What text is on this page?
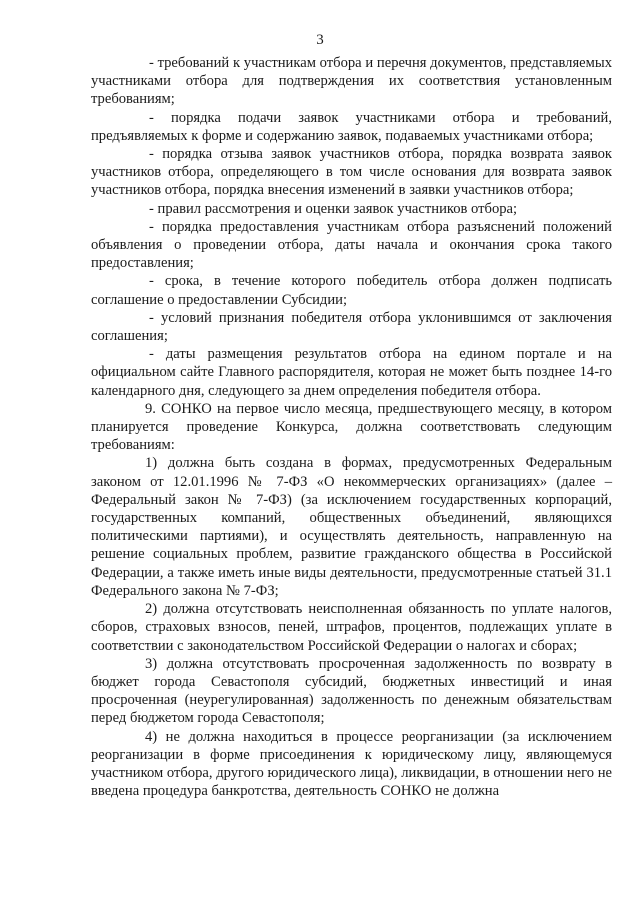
3

- требований к участникам отбора и перечня документов, представляемых участниками отбора для подтверждения их соответствия установленным требованиям;

- порядка подачи заявок участниками отбора и требований, предъявляемых к форме и содержанию заявок, подаваемых участниками отбора;

- порядка отзыва заявок участников отбора, порядка возврата заявок участников отбора, определяющего в том числе основания для возврата заявок участников отбора, порядка внесения изменений в заявки участников отбора;

- правил рассмотрения и оценки заявок участников отбора;

- порядка предоставления участникам отбора разъяснений положений объявления о проведении отбора, даты начала и окончания срока такого предоставления;

- срока, в течение которого победитель отбора должен подписать соглашение о предоставлении Субсидии;

- условий признания победителя отбора уклонившимся от заключения соглашения;

- даты размещения результатов отбора на едином портале и на официальном сайте Главного распорядителя, которая не может быть позднее 14-го календарного дня, следующего за днем определения победителя отбора.

9. СОНКО на первое число месяца, предшествующего месяцу, в котором планируется проведение Конкурса, должна соответствовать следующим требованиям:

1) должна быть создана в формах, предусмотренных Федеральным законом от 12.01.1996 № 7-ФЗ «О некоммерческих организациях» (далее – Федеральный закон № 7-ФЗ) (за исключением государственных корпораций, государственных компаний, общественных объединений, являющихся политическими партиями), и осуществлять деятельность, направленную на решение социальных проблем, развитие гражданского общества в Российской Федерации, а также иметь иные виды деятельности, предусмотренные статьей 31.1 Федерального закона № 7-ФЗ;

2) должна отсутствовать неисполненная обязанность по уплате налогов, сборов, страховых взносов, пеней, штрафов, процентов, подлежащих уплате в соответствии с законодательством Российской Федерации о налогах и сборах;

3) должна отсутствовать просроченная задолженность по возврату в бюджет города Севастополя субсидий, бюджетных инвестиций и иная просроченная (неурегулированная) задолженность по денежным обязательствам перед бюджетом города Севастополя;

4) не должна находиться в процессе реорганизации (за исключением реорганизации в форме присоединения к юридическому лицу, являющемуся участником отбора, другого юридического лица), ликвидации, в отношении него не введена процедура банкротства, деятельность СОНКО не должна
